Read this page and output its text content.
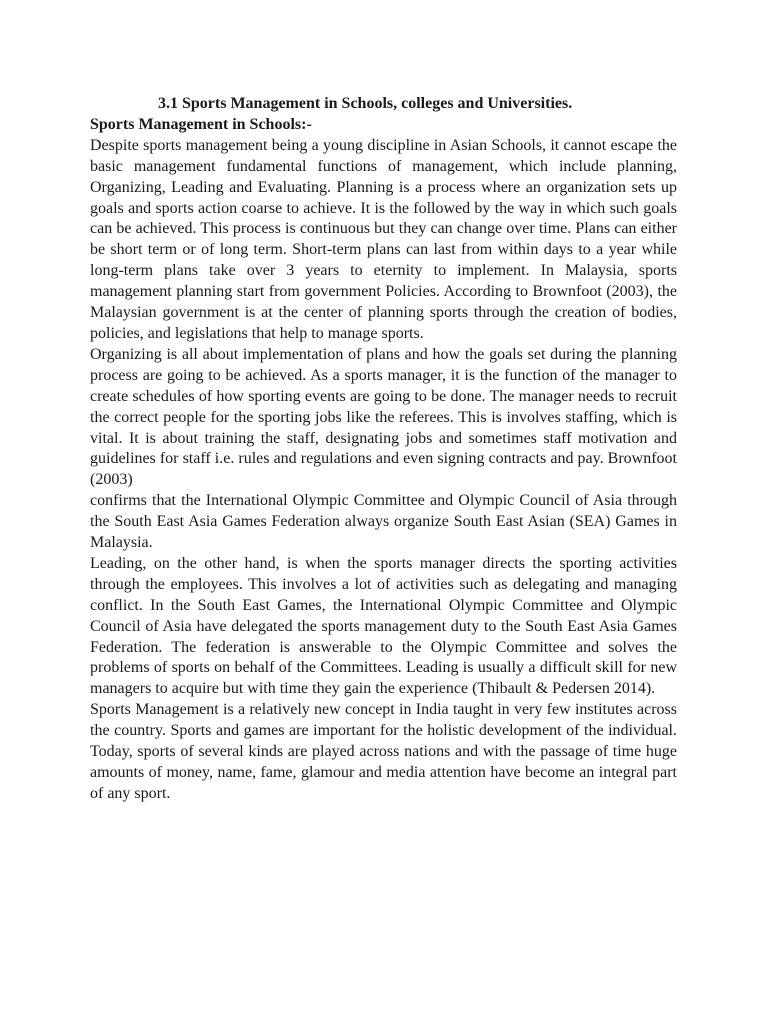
3.1 Sports Management in Schools, colleges and Universities.

Sports Management in Schools:-

Despite sports management being a young discipline in Asian Schools, it cannot escape the basic management fundamental functions of management, which include planning, Organizing, Leading and Evaluating. Planning is a process where an organization sets up goals and sports action coarse to achieve. It is the followed by the way in which such goals can be achieved. This process is continuous but they can change over time. Plans can either be short term or of long term. Short-term plans can last from within days to a year while long-term plans take over 3 years to eternity to implement. In Malaysia, sports management planning start from government Policies. According to Brownfoot (2003), the Malaysian government is at the center of planning sports through the creation of bodies, policies, and legislations that help to manage sports.

Organizing is all about implementation of plans and how the goals set during the planning process are going to be achieved. As a sports manager, it is the function of the manager to create schedules of how sporting events are going to be done. The manager needs to recruit the correct people for the sporting jobs like the referees. This is involves staffing, which is vital. It is about training the staff, designating jobs and sometimes staff motivation and guidelines for staff i.e. rules and regulations and even signing contracts and pay. Brownfoot (2003)

confirms that the International Olympic Committee and Olympic Council of Asia through the South East Asia Games Federation always organize South East Asian (SEA) Games in Malaysia.

Leading, on the other hand, is when the sports manager directs the sporting activities through the employees. This involves a lot of activities such as delegating and managing conflict. In the South East Games, the International Olympic Committee and Olympic Council of Asia have delegated the sports management duty to the South East Asia Games Federation. The federation is answerable to the Olympic Committee and solves the problems of sports on behalf of the Committees. Leading is usually a difficult skill for new managers to acquire but with time they gain the experience (Thibault & Pedersen 2014).

Sports Management is a relatively new concept in India taught in very few institutes across the country. Sports and games are important for the holistic development of the individual. Today, sports of several kinds are played across nations and with the passage of time huge amounts of money, name, fame, glamour and media attention have become an integral part of any sport.
